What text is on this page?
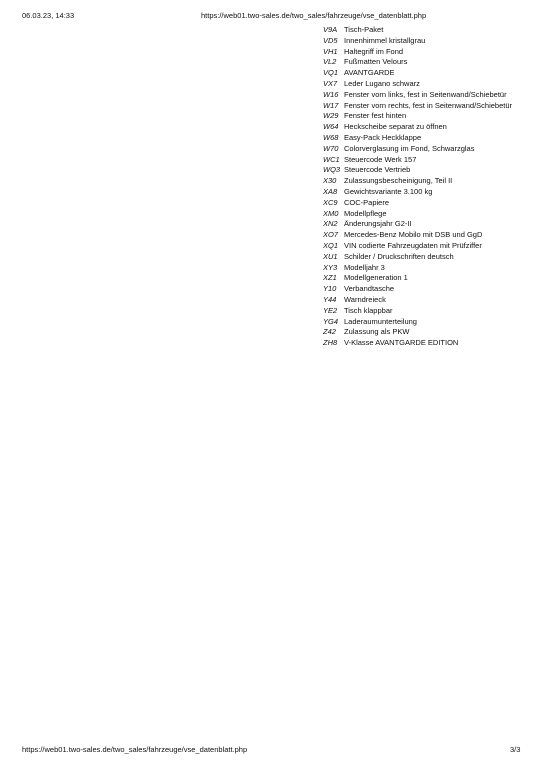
06.03.23, 14:33	https://web01.two-sales.de/two_sales/fahrzeuge/vse_datenblatt.php
V9A Tisch-Paket
VD5 Innenhimmel kristallgrau
VH1 Haltegriff im Fond
VL2	Fußmatten Velours
VQ1 AVANTGARDE
VX7 Leder Lugano schwarz
W16 Fenster vorn links, fest in Seitenwand/Schiebetür
W17 Fenster vorn rechts, fest in Seitenwand/Schiebetür
W29 Fenster fest hinten
W64 Heckscheibe separat zu öffnen
W68 Easy-Pack Heckklappe
W70 Colorverglasung im Fond, Schwarzglas
WC1 Steuercode Werk 157
WQ3 Steuercode Vertrieb
X30	Zulassungsbescheinigung, Teil II
XA8 Gewichtsvariante 3.100 kg
XC9 COC-Papiere
XM0 Modellpflege
XN2 Änderungsjahr G2-II
XO7 Mercedes-Benz Mobilo mit DSB und GgD
XQ1 VIN codierte Fahrzeugdaten mit Prüfziffer
XU1 Schilder / Druckschriften deutsch
XY3 Modelljahr 3
XZ1 Modellgeneration 1
Y10	Verbandtasche
Y44	Warndreieck
YE2 Tisch klappbar
YG4 Laderaumunterteilung
Z42	Zulassung als PKW
ZH8 V-Klasse AVANTGARDE EDITION
https://web01.two-sales.de/two_sales/fahrzeuge/vse_datenblatt.php	3/3
